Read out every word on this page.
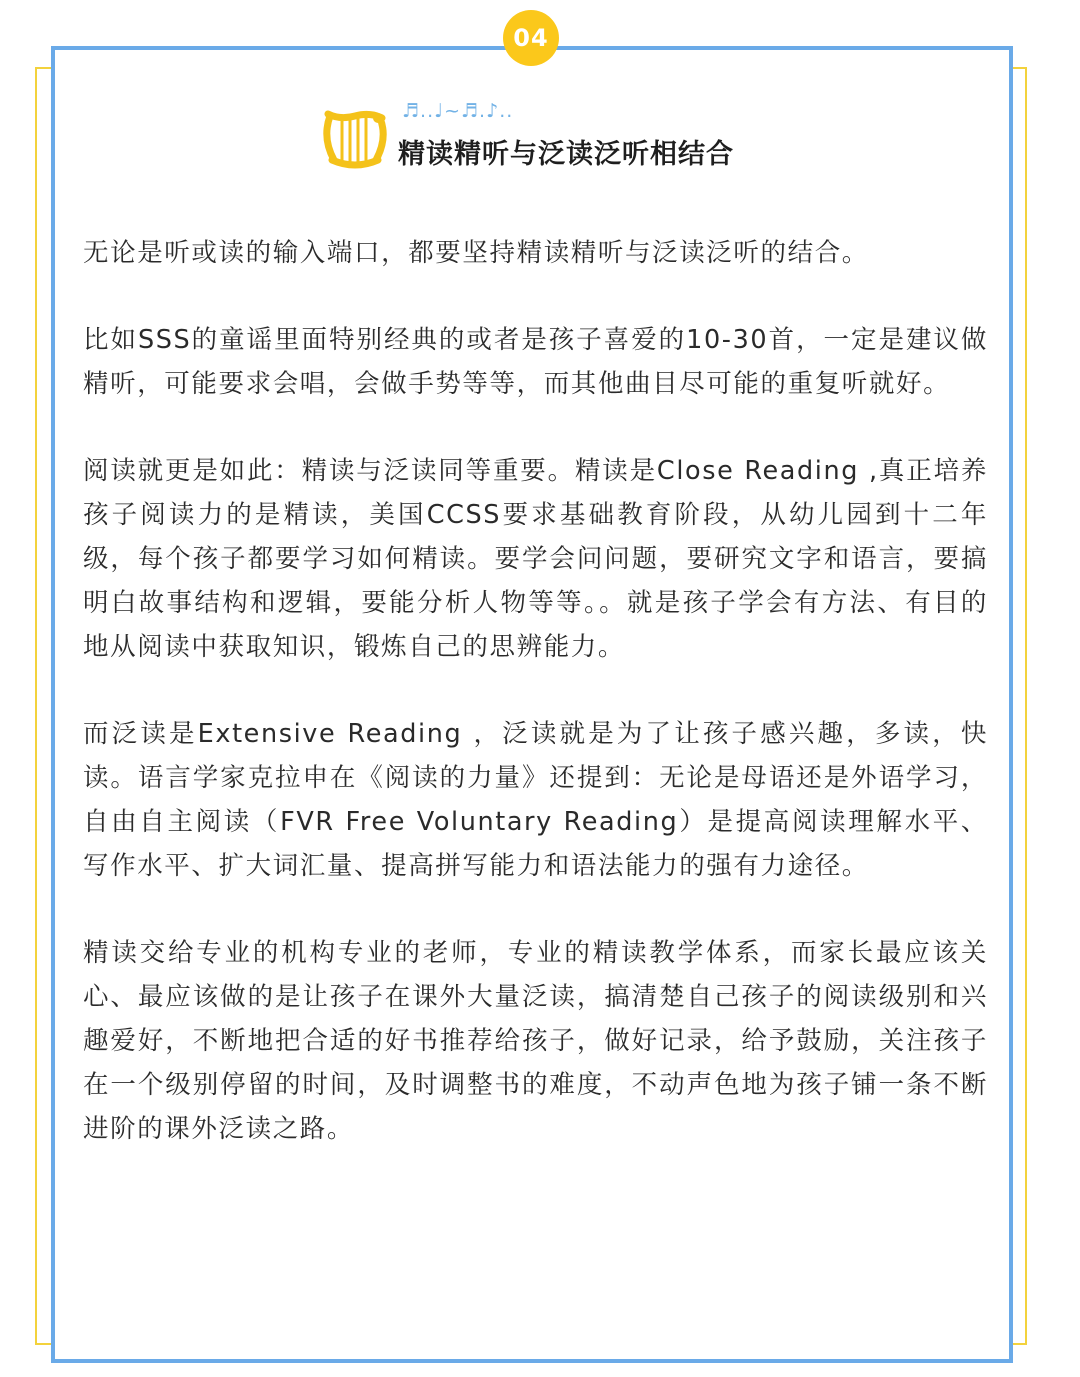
04
♬..♩~♬.♪..
精读精听与泛读泛听相结合

无论是听或读的输入端口，都要坚持精读精听与泛读泛听的结合。

比如SSS的童谣里面特别经典的或者是孩子喜爱的10-30首，一定是建议做精听，可能要求会唱，会做手势等等，而其他曲目尽可能的重复听就好。

阅读就更是如此：精读与泛读同等重要。精读是Close Reading ,真正培养孩子阅读力的是精读，美国CCSS要求基础教育阶段，从幼儿园到十二年级，每个孩子都要学习如何精读。要学会问问题，要研究文字和语言，要搞明白故事结构和逻辑，要能分析人物等等。。就是孩子学会有方法、有目的地从阅读中获取知识，锻炼自己的思辨能力。

而泛读是Extensive Reading ，泛读就是为了让孩子感兴趣，多读，快读。语言学家克拉申在《阅读的力量》还提到：无论是母语还是外语学习，自由自主阅读（FVR Free Voluntary Reading）是提高阅读理解水平、写作水平、扩大词汇量、提高拼写能力和语法能力的强有力途径。

精读交给专业的机构专业的老师，专业的精读教学体系，而家长最应该关心、最应该做的是让孩子在课外大量泛读，搞清楚自己孩子的阅读级别和兴趣爱好，不断地把合适的好书推荐给孩子，做好记录，给予鼓励，关注孩子在一个级别停留的时间，及时调整书的难度，不动声色地为孩子铺一条不断进阶的课外泛读之路。
